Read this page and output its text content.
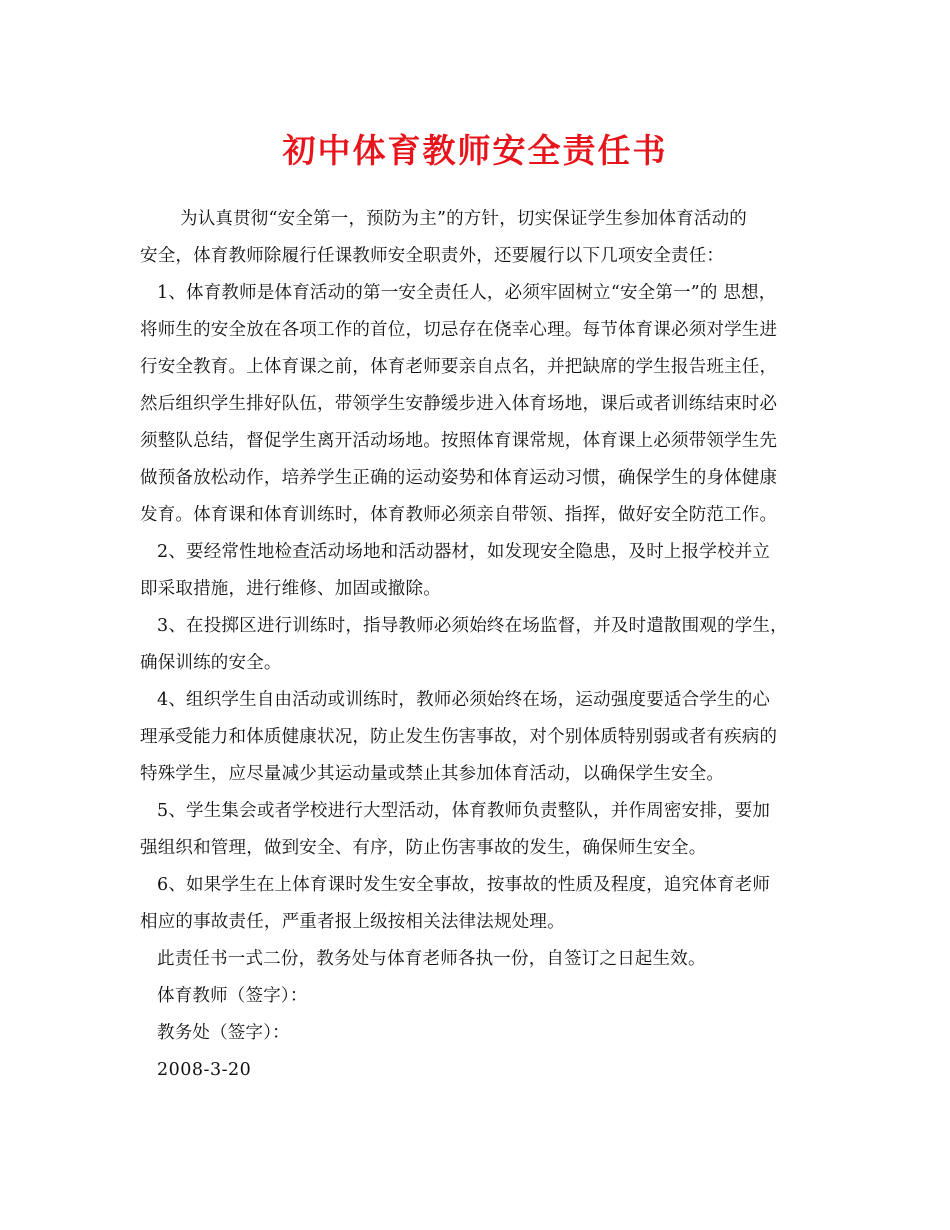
初中体育教师安全责任书
为认真贯彻“安全第一，预防为主”的方针，切实保证学生参加体育活动的
安全，体育教师除履行任课教师安全职责外，还要履行以下几项安全责任：
1、体育教师是体育活动的第一安全责任人，必须牢固树立“安全第一”的 思想，
将师生的安全放在各项工作的首位，切忌存在侥幸心理。每节体育课必须对学生进
行安全教育。上体育课之前，体育老师要亲自点名，并把缺席的学生报告班主任，
然后组织学生排好队伍，带领学生安静缓步进入体育场地，课后或者训练结束时必
须整队总结，督促学生离开活动场地。按照体育课常规，体育课上必须带领学生先
做预备放松动作，培养学生正确的运动姿势和体育运动习惯，确保学生的身体健康
发育。体育课和体育训练时，体育教师必须亲自带领、指挥，做好安全防范工作。
2、要经常性地检查活动场地和活动器材，如发现安全隐患，及时上报学校并立
即采取措施，进行维修、加固或撤除。
3、在投掷区进行训练时，指导教师必须始终在场监督，并及时遣散围观的学生，
确保训练的安全。
4、组织学生自由活动或训练时，教师必须始终在场，运动强度要适合学生的心
理承受能力和体质健康状况，防止发生伤害事故，对个别体质特别弱或者有疾病的
特殊学生，应尽量减少其运动量或禁止其参加体育活动，以确保学生安全。
5、学生集会或者学校进行大型活动，体育教师负责整队，并作周密安排，要加
强组织和管理，做到安全、有序，防止伤害事故的发生，确保师生安全。
6、如果学生在上体育课时发生安全事故，按事故的性质及程度，追究体育老师
相应的事故责任，严重者报上级按相关法律法规处理。
此责任书一式二份，教务处与体育老师各执一份，自签订之日起生效。
体育教师（签字）：
教务处（签字）：
2008-3-20
